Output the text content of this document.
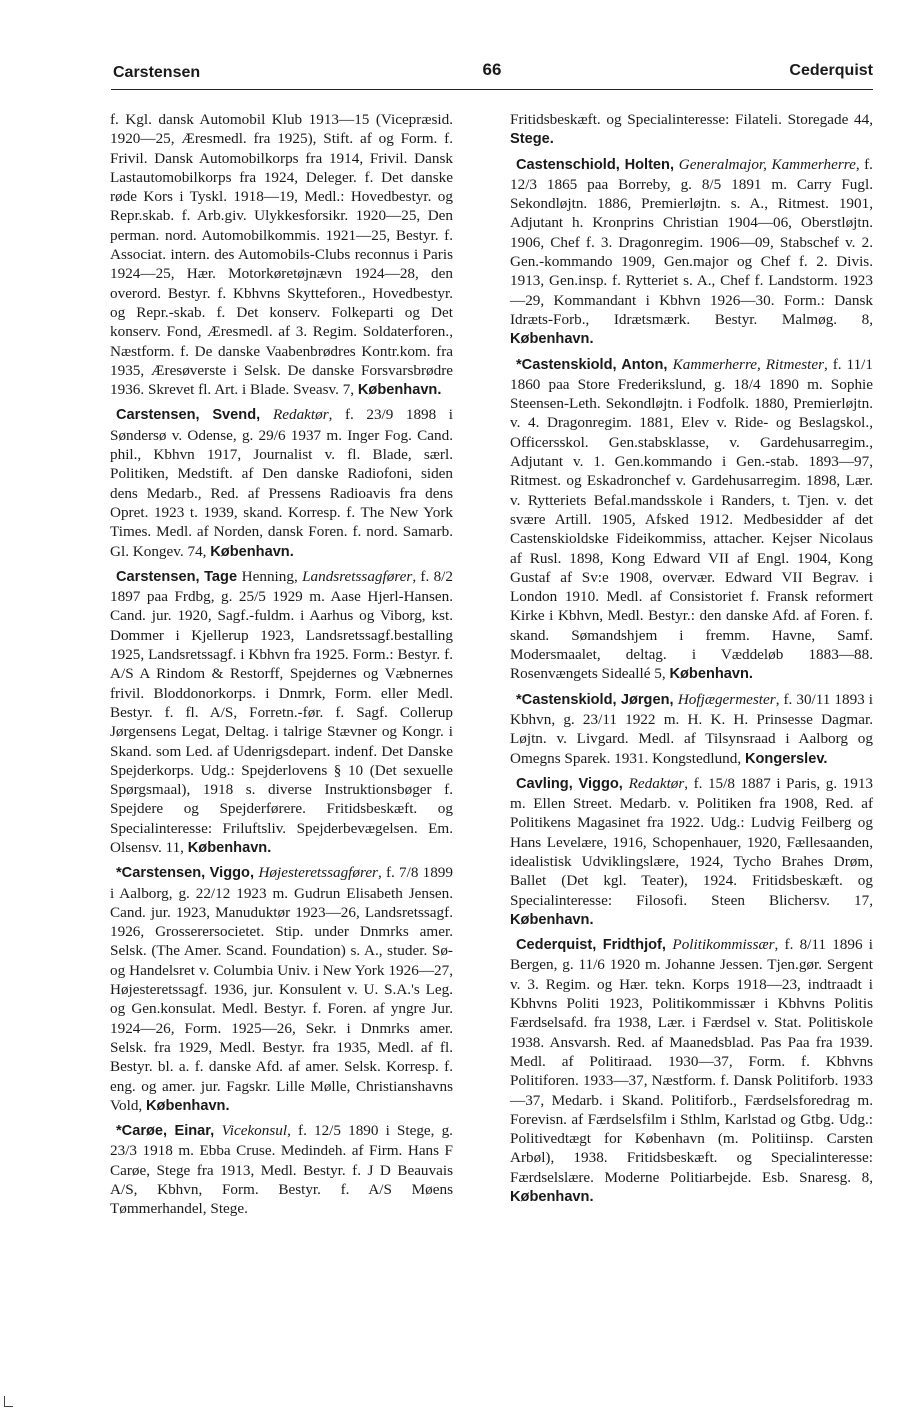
Carstensen	66	Cederquist

f. Kgl. dansk Automobil Klub 1913—15 (Vicepræsid. 1920—25, Æresmedl. fra 1925), Stift. af og Form. f. Frivil. Dansk Automobilkorps fra 1914, Frivil. Dansk Lastautomobilkorps fra 1924, Deleger. f. Det danske røde Kors i Tyskl. 1918—19, Medl.: Hovedbestyr. og Repr.skab. f. Arb.giv. Ulykkesforsikr. 1920—25, Den perman. nord. Automobilkommis. 1921—25, Bestyr. f. Associat. intern. des Automobils-Clubs reconnus i Paris 1924—25, Hær. Motorkøretøjnævn 1924—28, den overord. Bestyr. f. Kbhvns Skytteforen., Hovedbestyr. og Repr.-skab. f. Det konserv. Folkeparti og Det konserv. Fond, Æresmedl. af 3. Regim. Soldaterforen., Næstform. f. De danske Vaabenbrødres Kontr.kom. fra 1935, Æresøverste i Selsk. De danske Forsvarsbrødre 1936. Skrevet fl. Art. i Blade. Sveasv. 7, København.

Carstensen, Svend, Redaktør, f. 23/9 1898 i Søndersø v. Odense, g. 29/6 1937 m. Inger Fog. Cand. phil., Kbhvn 1917, Journalist v. fl. Blade, særl. Politiken, Medstift. af Den danske Radiofoni, siden dens Medarb., Red. af Pressens Radioavis fra dens Opret. 1923 t. 1939, skand. Korresp. f. The New York Times. Medl. af Norden, dansk Foren. f. nord. Samarb. Gl. Kongev. 74, København.

Carstensen, Tage Henning, Landsretssagfører, f. 8/2 1897 paa Frdbg, g. 25/5 1929 m. Aase Hjerl-Hansen. Cand. jur. 1920, Sagf.-fuldm. i Aarhus og Viborg, kst. Dommer i Kjellerup 1923, Landsretssagf.bestalling 1925, Landsretssagf. i Kbhvn fra 1925. Form.: Bestyr. f. A/S A Rindom & Restorff, Spejdernes og Væbnernes frivil. Bloddonorkorps. i Dnmrk, Form. eller Medl. Bestyr. f. fl. A/S, Forretn.-før. f. Sagf. Collerup Jørgensens Legat, Deltag. i talrige Stævner og Kongr. i Skand. som Led. af Udenrigsdepart. indenf. Det Danske Spejderkorps. Udg.: Spejderlovens § 10 (Det sexuelle Spørgsmaal), 1918 s. diverse Instruktionsbøger f. Spejdere og Spejderførere. Fritidsbeskæft. og Specialinteresse: Friluftsliv. Spejderbevægelsen. Em. Olsensv. 11, København.

*Carstensen, Viggo, Højesteretssagfører, f. 7/8 1899 i Aalborg, g. 22/12 1923 m. Gudrun Elisabeth Jensen. Cand. jur. 1923, Manuduktør 1923—26, Landsretssagf. 1926, Grosserersocietet. Stip. under Dnmrks amer. Selsk. (The Amer. Scand. Foundation) s. A., studer. Sø- og Handelsret v. Columbia Univ. i New York 1926—27, Højesteretssagf. 1936, jur. Konsulent v. U. S.A.'s Leg. og Gen.konsulat. Medl. Bestyr. f. Foren. af yngre Jur. 1924—26, Form. 1925—26, Sekr. i Dnmrks amer. Selsk. fra 1929, Medl. Bestyr. fra 1935, Medl. af fl. Bestyr. bl. a. f. danske Afd. af amer. Selsk. Korresp. f. eng. og amer. jur. Fagskr. Lille Mølle, Christianshavns Vold, København.

*Carøe, Einar, Vicekonsul, f. 12/5 1890 i Stege, g. 23/3 1918 m. Ebba Cruse. Medindeh. af Firm. Hans F Carøe, Stege fra 1913, Medl. Bestyr. f. J D Beauvais A/S, Kbhvn, Form. Bestyr. f. A/S Møens Tømmerhandel, Stege.

Fritidsbeskæft. og Specialinteresse: Filateli. Storegade 44, Stege.

Castenschiold, Holten, Generalmajor, Kammerherre, f. 12/3 1865 paa Borreby, g. 8/5 1891 m. Carry Fugl. Sekondløjtn. 1886, Premierløjtn. s. A., Ritmest. 1901, Adjutant h. Kronprins Christian 1904—06, Oberstløjtn. 1906, Chef f. 3. Dragonregim. 1906—09, Stabschef v. 2. Gen.-kommando 1909, Gen.major og Chef f. 2. Divis. 1913, Gen.insp. f. Rytteriet s. A., Chef f. Landstorm. 1923—29, Kommandant i Kbhvn 1926—30. Form.: Dansk Idræts-Forb., Idrætsmærk. Bestyr. Malmøg. 8, København.

*Castenskiold, Anton, Kammerherre, Ritmester, f. 11/1 1860 paa Store Frederikslund, g. 18/4 1890 m. Sophie Steensen-Leth. Sekondløjtn. i Fodfolk. 1880, Premierløjtn. v. 4. Dragonregim. 1881, Elev v. Ride- og Beslagskol., Officersskol. Gen.stabsklasse, v. Gardehusarregim., Adjutant v. 1. Gen.kommando i Gen.-stab. 1893—97, Ritmest. og Eskadronchef v. Gardehusarregim. 1898, Lær. v. Rytteriets Befal.mandsskole i Randers, t. Tjen. v. det svære Artill. 1905, Afsked 1912. Medbesidder af det Castenskioldske Fideikommiss, attacher. Kejser Nicolaus af Rusl. 1898, Kong Edward VII af Engl. 1904, Kong Gustaf af Sv:e 1908, overvær. Edward VII Begrav. i London 1910. Medl. af Consistoriet f. Fransk reformert Kirke i Kbhvn, Medl. Bestyr.: den danske Afd. af Foren. f. skand. Sømandshjem i fremm. Havne, Samf. Modersmaalet, deltag. i Væddeløb 1883—88. Rosenvængets Sideallé 5, København.

*Castenskiold, Jørgen, Hofjægermester, f. 30/11 1893 i Kbhvn, g. 23/11 1922 m. H. K. H. Prinsesse Dagmar. Løjtn. v. Livgard. Medl. af Tilsynsraad i Aalborg og Omegns Sparek. 1931. Kongstedlund, Kongerslev.

Cavling, Viggo, Redaktør, f. 15/8 1887 i Paris, g. 1913 m. Ellen Street. Medarb. v. Politiken fra 1908, Red. af Politikens Magasinet fra 1922. Udg.: Ludvig Feilberg og Hans Levelære, 1916, Schopenhauer, 1920, Fællesaanden, idealistisk Udviklingslære, 1924, Tycho Brahes Drøm, Ballet (Det kgl. Teater), 1924. Fritidsbeskæft. og Specialinteresse: Filosofi. Steen Blichersv. 17, København.

Cederquist, Fridthjof, Politikommissær, f. 8/11 1896 i Bergen, g. 11/6 1920 m. Johanne Jessen. Tjen.gør. Sergent v. 3. Regim. og Hær. tekn. Korps 1918—23, indtraadt i Kbhvns Politi 1923, Politikommissær i Kbhvns Politis Færdselsafd. fra 1938, Lær. i Færdsel v. Stat. Politiskole 1938. Ansvarsh. Red. af Maanedsblad. Pas Paa fra 1939. Medl. af Politiraad. 1930—37, Form. f. Kbhvns Politiforen. 1933—37, Næstform. f. Dansk Politiforb. 1933—37, Medarb. i Skand. Politiforb., Færdselsforedrag m. Forevisn. af Færdselsfilm i Sthlm, Karlstad og Gtbg. Udg.: Politivedtægt for København (m. Politiinsp. Carsten Arbøl), 1938. Fritidsbeskæft. og Specialinteresse: Færdselslære. Moderne Politiarbejde. Esb. Snaresg. 8, København.
